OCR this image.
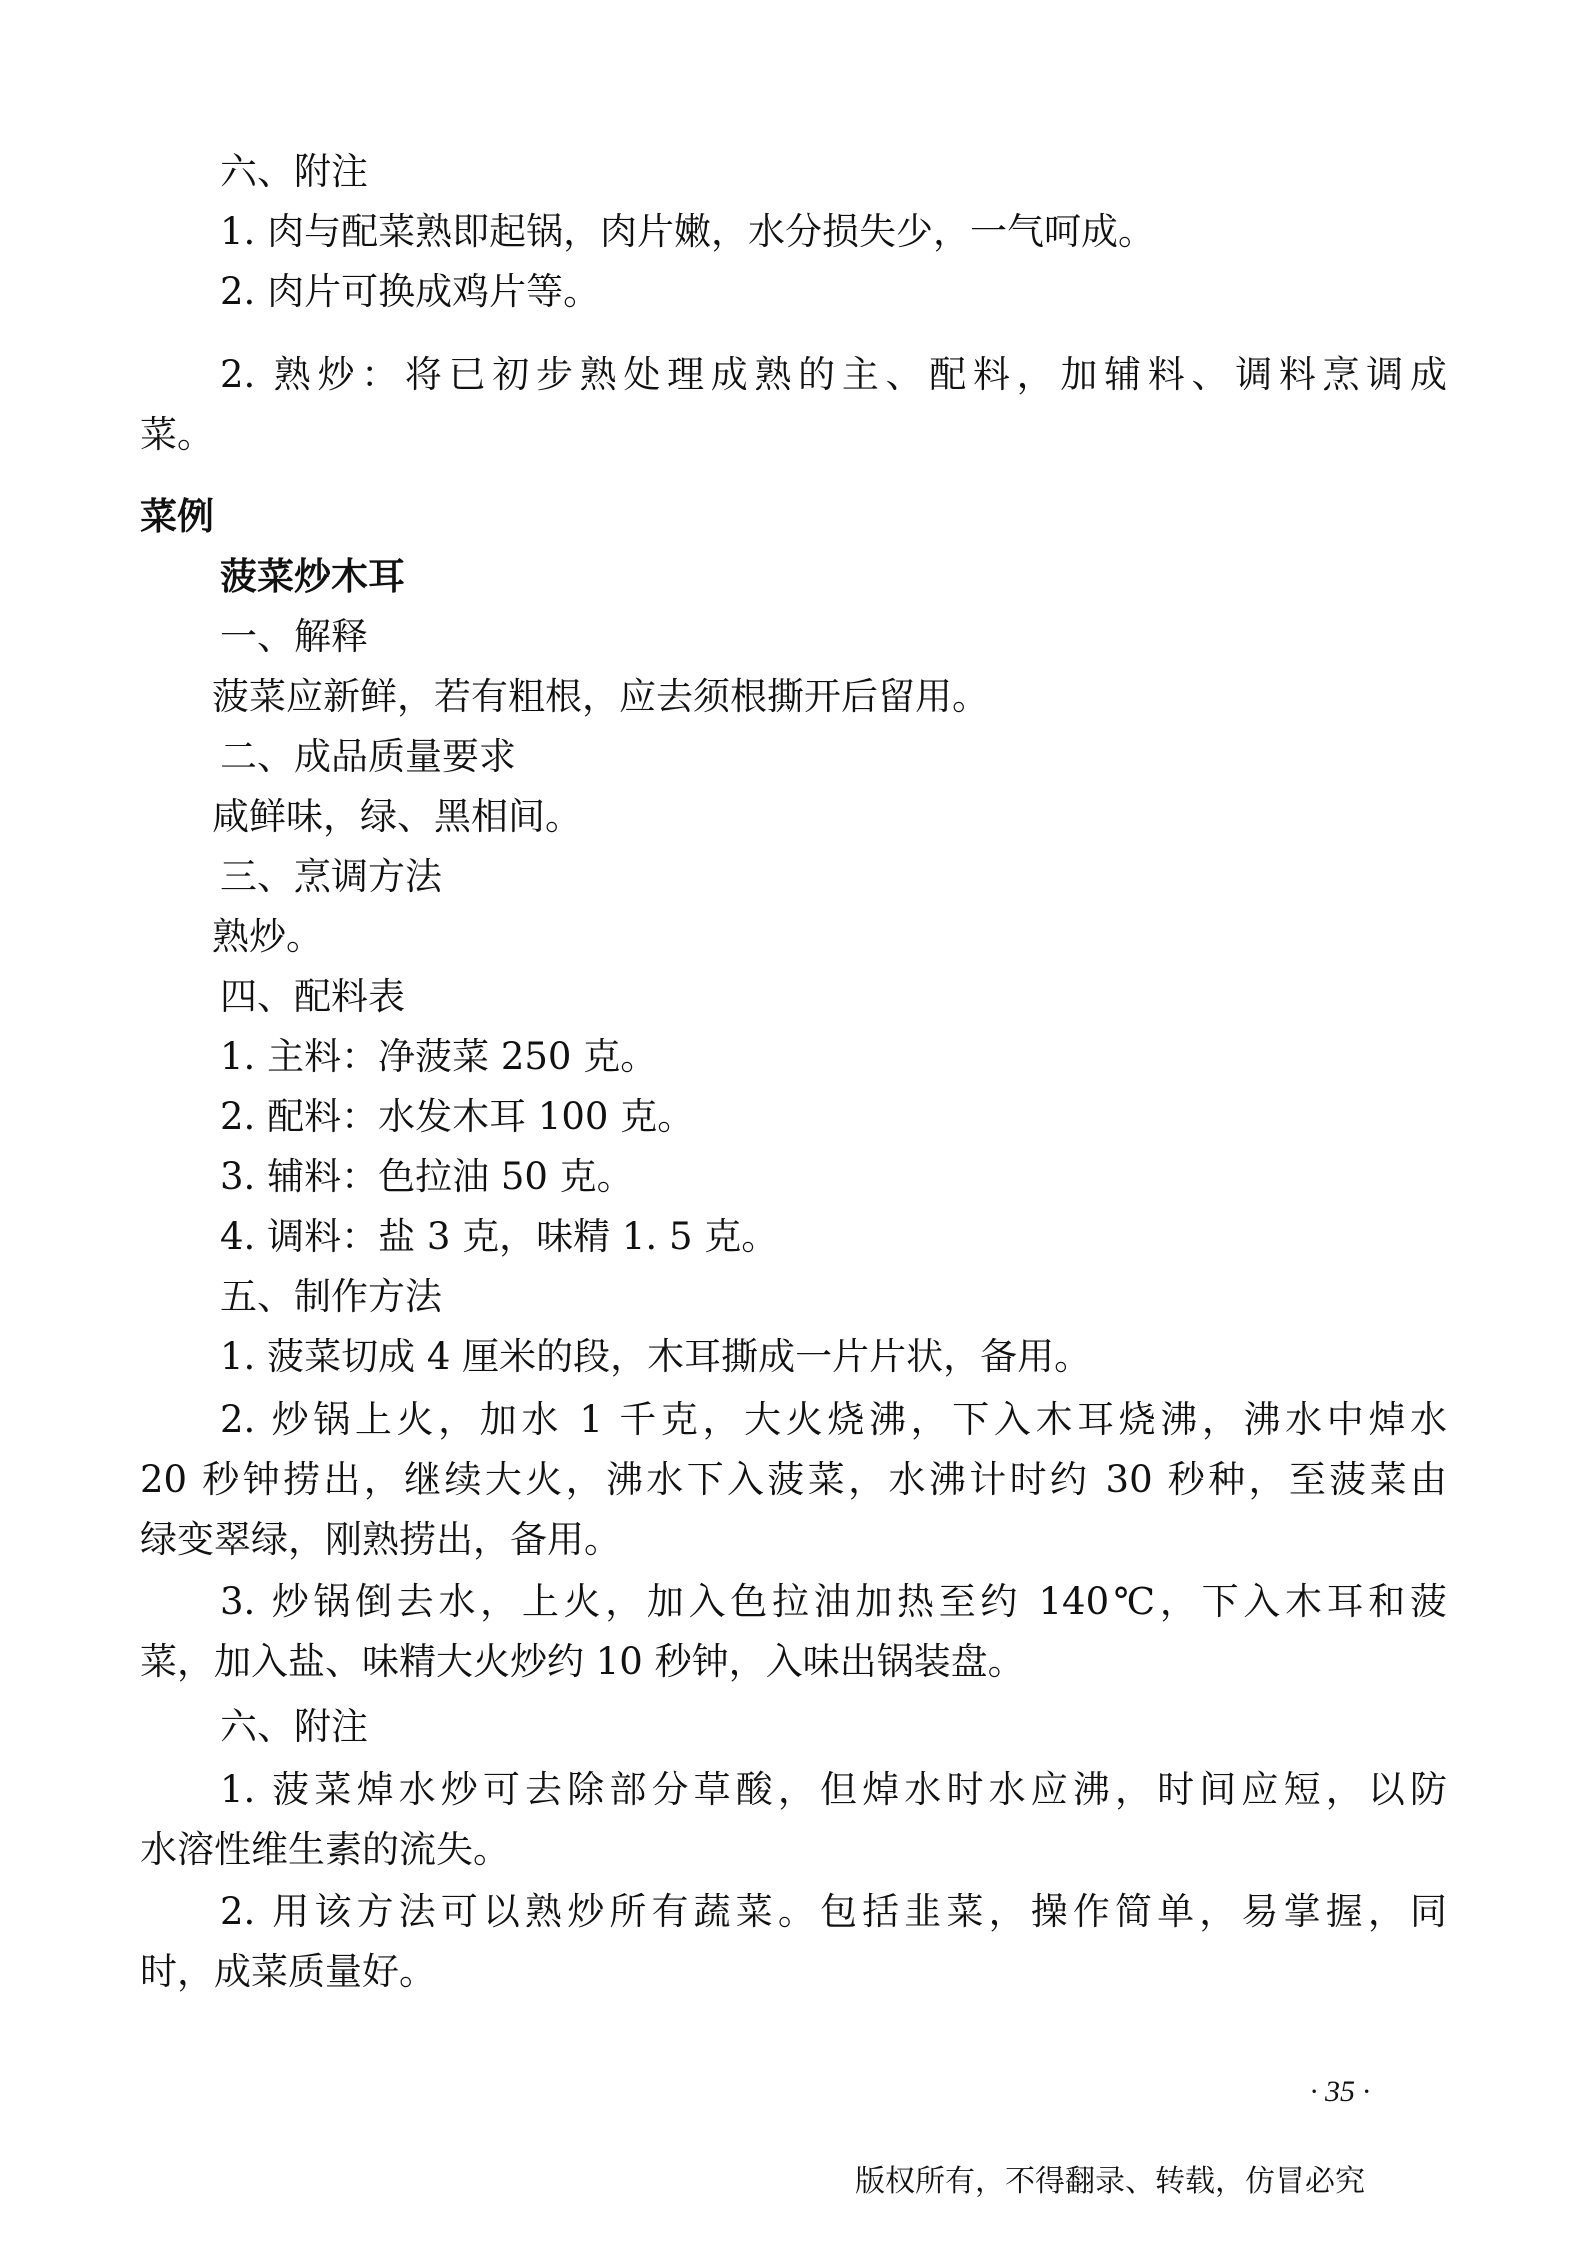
六、附注
1. 肉与配菜熟即起锅，肉片嫩，水分损失少，一气呵成。
2. 肉片可换成鸡片等。
2. 熟炒：将已初步熟处理成熟的主、配料，加辅料、调料烹调成
菜。
菜例
菠菜炒木耳
一、解释
菠菜应新鲜，若有粗根，应去须根撕开后留用。
二、成品质量要求
咸鲜味，绿、黑相间。
三、烹调方法
熟炒。
四、配料表
1. 主料：净菠菜 250 克。
2. 配料：水发木耳 100 克。
3. 辅料：色拉油 50 克。
4. 调料：盐 3 克，味精 1. 5 克。
五、制作方法
1. 菠菜切成 4 厘米的段，木耳撕成一片片状，备用。
2. 炒锅上火，加水 1 千克，大火烧沸，下入木耳烧沸，沸水中焯水
20 秒钟捞出，继续大火，沸水下入菠菜，水沸计时约 30 秒种，至菠菜由
绿变翠绿，刚熟捞出，备用。
3. 炒锅倒去水，上火，加入色拉油加热至约 140℃，下入木耳和菠
菜，加入盐、味精大火炒约 10 秒钟，入味出锅装盘。
六、附注
1. 菠菜焯水炒可去除部分草酸，但焯水时水应沸，时间应短，以防
水溶性维生素的流失。
2. 用该方法可以熟炒所有蔬菜。包括韭菜，操作简单，易掌握，同
时，成菜质量好。
· 35 ·
版权所有，不得翻录、转载，仿冒必究
